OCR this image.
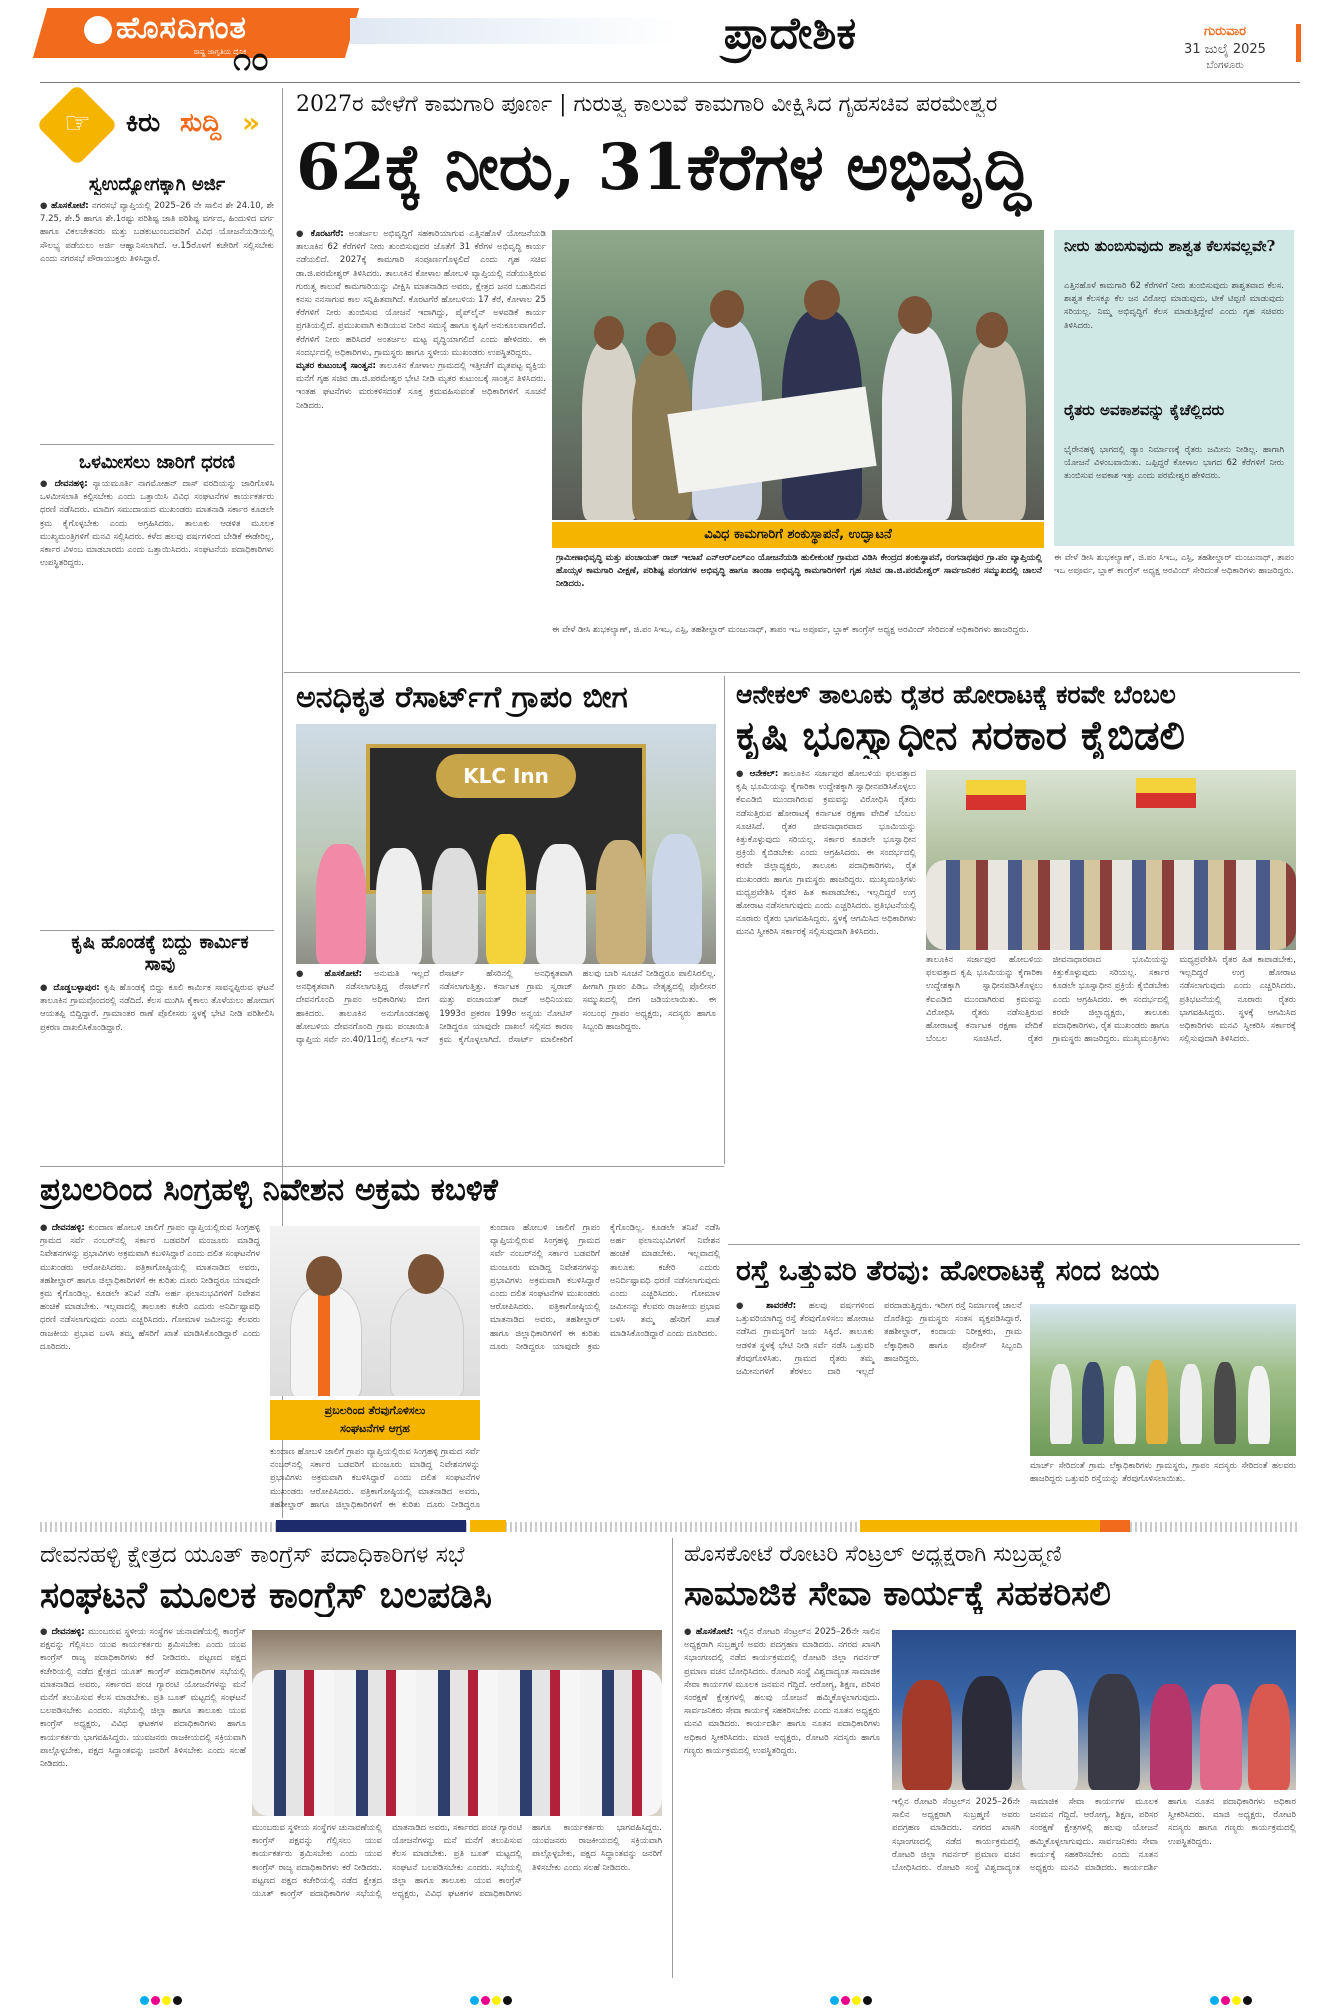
ಹೊಸದಿಗಂತ
ರಾಷ್ಟ್ರ ಜಾಗೃತಿಯ ದೈನಿಕ
೧೦	ಪ್ರಾದೇಶಿಕ	ಗುರುವಾರ
31 ಜುಲೈ 2025
ಬೆಂಗಳೂರು
☞ ಕಿರು ಸುದ್ದಿ »
ಸ್ವಉದ್ಯೋಗಕ್ಕಾಗಿ ಅರ್ಜಿ
● ಹೊಸಕೋಟೆ: ನಗರಸಭೆ ವ್ಯಾಪ್ತಿಯಲ್ಲಿ 2025–26 ನೇ ಸಾಲಿನ ಶೇ 24.10, ಶೇ 7.25, ಶೇ.5 ಹಾಗೂ ಶೇ.1ರಷ್ಟು ಪರಿಶಿಷ್ಟ ಜಾತಿ ಪರಿಶಿಷ್ಟ ವರ್ಗದ, ಹಿಂದುಳಿದ ವರ್ಗ ಹಾಗೂ ವಿಕಲಚೇತನರು ಮತ್ತು ಬಡಕುಟುಂಬದವರಿಗೆ ವಿವಿಧ ಯೋಜನೆಯಡಿಯಲ್ಲಿ ಸೌಲಭ್ಯ ಪಡೆಯಲು ಅರ್ಜಿ ಆಹ್ವಾನಿಸಲಾಗಿದೆ. ಆ.15ರೊಳಗೆ ಕಚೇರಿಗೆ ಸಲ್ಲಿಸಬೇಕು ಎಂದು ನಗರಸಭೆ ಪೌರಾಯುಕ್ತರು ತಿಳಿಸಿದ್ದಾರೆ.
ಒಳಮೀಸಲು ಜಾರಿಗೆ ಧರಣಿ
● ದೇವನಹಳ್ಳಿ: ನ್ಯಾಯಮೂರ್ತಿ ನಾಗಮೋಹನ್ ದಾಸ್ ವರದಿಯನ್ನು ಜಾರಿಗೊಳಿಸಿ ಒಳಮೀಸಲಾತಿ ಕಲ್ಪಿಸಬೇಕು ಎಂದು ಒತ್ತಾಯಿಸಿ ವಿವಿಧ ಸಂಘಟನೆಗಳ ಕಾರ್ಯಕರ್ತರು ಧರಣಿ ನಡೆಸಿದರು. ಮಾದಿಗ ಸಮುದಾಯದ ಮುಖಂಡರು ಮಾತನಾಡಿ ಸರ್ಕಾರ ಕೂಡಲೇ ಕ್ರಮ ಕೈಗೊಳ್ಳಬೇಕು ಎಂದು ಆಗ್ರಹಿಸಿದರು. ತಾಲೂಕು ಆಡಳಿತ ಮೂಲಕ ಮುಖ್ಯಮಂತ್ರಿಗಳಿಗೆ ಮನವಿ ಸಲ್ಲಿಸಿದರು. ಕಳೆದ ಹಲವು ವರ್ಷಗಳಿಂದ ಬೇಡಿಕೆ ಈಡೇರಿಲ್ಲ, ಸರ್ಕಾರ ವಿಳಂಬ ಮಾಡಬಾರದು ಎಂದು ಒತ್ತಾಯಿಸಿದರು. ಸಂಘಟನೆಯ ಪದಾಧಿಕಾರಿಗಳು ಉಪಸ್ಥಿತರಿದ್ದರು.
ಕೃಷಿ ಹೊಂಡಕ್ಕೆ ಬಿದ್ದು ಕಾರ್ಮಿಕ ಸಾವು
● ದೊಡ್ಡಬಳ್ಳಾಪುರ: ಕೃಷಿ ಹೊಂಡಕ್ಕೆ ಬಿದ್ದು ಕೂಲಿ ಕಾರ್ಮಿಕ ಸಾವನ್ನಪ್ಪಿರುವ ಘಟನೆ ತಾಲೂಕಿನ ಗ್ರಾಮವೊಂದರಲ್ಲಿ ನಡೆದಿದೆ. ಕೆಲಸ ಮುಗಿಸಿ ಕೈಕಾಲು ತೊಳೆಯಲು ಹೋದಾಗ ಆಯತಪ್ಪಿ ಬಿದ್ದಿದ್ದಾರೆ. ಗ್ರಾಮಾಂತರ ಠಾಣೆ ಪೊಲೀಸರು ಸ್ಥಳಕ್ಕೆ ಭೇಟಿ ನೀಡಿ ಪರಿಶೀಲಿಸಿ ಪ್ರಕರಣ ದಾಖಲಿಸಿಕೊಂಡಿದ್ದಾರೆ.
2027ರ ವೇಳೆಗೆ ಕಾಮಗಾರಿ ಪೂರ್ಣ | ಗುರುತ್ವ ಕಾಲುವೆ ಕಾಮಗಾರಿ ವೀಕ್ಷಿಸಿದ ಗೃಹಸಚಿವ ಪರಮೇಶ್ವರ
62ಕ್ಕೆ ನೀರು, 31ಕೆರೆಗಳ ಅಭಿವೃದ್ಧಿ
● ಕೊರಟಗೆರೆ: ಅಂತರ್ಜಲ ಅಭಿವೃದ್ಧಿಗೆ ಸಹಕಾರಿಯಾಗುವ ಎತ್ತಿನಹೊಳೆ ಯೋಜನೆಯಡಿ ತಾಲೂಕಿನ 62 ಕೆರೆಗಳಿಗೆ ನೀರು ತುಂಬಿಸುವುದರ ಜೊತೆಗೆ 31 ಕೆರೆಗಳ ಅಭಿವೃದ್ಧಿ ಕಾರ್ಯ ನಡೆಯಲಿದೆ. 2027ಕ್ಕೆ ಕಾಮಗಾರಿ ಸಂಪೂರ್ಣಗೊಳ್ಳಲಿದೆ ಎಂದು ಗೃಹ ಸಚಿವ ಡಾ.ಜಿ.ಪರಮೇಶ್ವರ್ ತಿಳಿಸಿದರು. ತಾಲೂಕಿನ ಕೋಳಾಲ ಹೋಬಳಿ ವ್ಯಾಪ್ತಿಯಲ್ಲಿ ನಡೆಯುತ್ತಿರುವ ಗುರುತ್ವ ಕಾಲುವೆ ಕಾಮಗಾರಿಯನ್ನು ವೀಕ್ಷಿಸಿ ಮಾತನಾಡಿದ ಅವರು, ಕ್ಷೇತ್ರದ ಜನರ ಬಹುದಿನದ ಕನಸು ನನಸಾಗುವ ಕಾಲ ಸನ್ನಿಹಿತವಾಗಿದೆ. ಕೊರಟಗೆರೆ ಹೋಬಳಿಯ 17 ಕೆರೆ, ಕೋಳಾಲ 25 ಕೆರೆಗಳಿಗೆ ನೀರು ತುಂಬಿಸುವ ಯೋಜನೆ ಇದಾಗಿದ್ದು, ಪೈಪ್‌ಲೈನ್ ಅಳವಡಿಕೆ ಕಾರ್ಯ ಪ್ರಗತಿಯಲ್ಲಿದೆ. ಪ್ರಮುಖವಾಗಿ ಕುಡಿಯುವ ನೀರಿನ ಸಮಸ್ಯೆ ಹಾಗೂ ಕೃಷಿಗೆ ಅನುಕೂಲವಾಗಲಿದೆ. ಕೆರೆಗಳಿಗೆ ನೀರು ಹರಿಸಿದರೆ ಅಂತರ್ಜಲ ಮಟ್ಟ ವೃದ್ಧಿಯಾಗಲಿದೆ ಎಂದು ಹೇಳಿದರು. ಈ ಸಂದರ್ಭದಲ್ಲಿ ಅಧಿಕಾರಿಗಳು, ಗ್ರಾಮಸ್ಥರು ಹಾಗೂ ಸ್ಥಳೀಯ ಮುಖಂಡರು ಉಪಸ್ಥಿತರಿದ್ದರು.
ಮೃತರ ಕುಟುಂಬಕ್ಕೆ ಸಾಂತ್ವನ: ತಾಲೂಕಿನ ಕೋಳಾಲ ಗ್ರಾಮದಲ್ಲಿ ಇತ್ತೀಚೆಗೆ ಮೃತಪಟ್ಟ ವ್ಯಕ್ತಿಯ ಮನೆಗೆ ಗೃಹ ಸಚಿವ ಡಾ.ಜಿ.ಪರಮೇಶ್ವರ ಭೇಟಿ ನೀಡಿ ಮೃತರ ಕುಟುಂಬಕ್ಕೆ ಸಾಂತ್ವನ ತಿಳಿಸಿದರು. ಇಂತಹ ಘಟನೆಗಳು ಮರುಕಳಿಸದಂತೆ ಸೂಕ್ತ ಕ್ರಮವಹಿಸುವಂತೆ ಅಧಿಕಾರಿಗಳಿಗೆ ಸೂಚನೆ ನೀಡಿದರು.
ವಿವಿಧ ಕಾಮಗಾರಿಗೆ ಶಂಕುಸ್ಥಾಪನೆ, ಉದ್ಘಾಟನೆ
ಗ್ರಾಮೀಣಾಭಿವೃದ್ಧಿ ಮತ್ತು ಪಂಚಾಯತ್ ರಾಜ್ ಇಲಾಖೆ ಎನ್‌ಆರ್‌ಎಲ್‌ಎಂ ಯೋಜನೆಯಡಿ ಹುಲೀಕುಂಟೆ ಗ್ರಾಮದ ವಿಡಿಸಿ ಕೇಂದ್ರದ ಶಂಕುಸ್ಥಾಪನೆ, ರಂಗನಾಥಪುರ ಗ್ರಾ.ಪಂ ವ್ಯಾಪ್ತಿಯಲ್ಲಿ ಹೊಯ್ಸಳ ಕಾಮಗಾರಿ ವೀಕ್ಷಣೆ, ಪರಿಶಿಷ್ಟ ಪಂಗಡಗಳ ಅಭಿವೃದ್ಧಿ ಹಾಗೂ ತಾಂಡಾ ಅಭಿವೃದ್ಧಿ ಕಾಮಗಾರಿಗಳಿಗೆ ಗೃಹ ಸಚಿವ ಡಾ.ಜಿ.ಪರಮೇಶ್ವರ್ ಸಾರ್ವಜನಿಕರ ಸಮ್ಮುಖದಲ್ಲಿ ಚಾಲನೆ ನೀಡಿದರು.
ಈ ವೇಳೆ ಡೀಸಿ ಶುಭಕಲ್ಯಾಣ್, ಜಿ.ಪಂ ಸಿಇಒ, ಎಸ್ಪಿ, ತಹಶೀಲ್ದಾರ್ ಮಂಜುನಾಥ್, ತಾಪಂ ಇಒ ಅಪೂರ್ವ, ಬ್ಲಾಕ್ ಕಾಂಗ್ರೆಸ್ ಅಧ್ಯಕ್ಷ ಅರವಿಂದ್ ಸೇರಿದಂತೆ ಅಧಿಕಾರಿಗಳು ಹಾಜರಿದ್ದರು.
ನೀರು ತುಂಬಿಸುವುದು ಶಾಶ್ವತ ಕೆಲಸವಲ್ಲವೇ?
ಎತ್ತಿನಹೊಳೆ ಕಾಮಗಾರಿ 62 ಕೆರೆಗಳಿಗೆ ನೀರು ತುಂಬಿಸುವುದು ಶಾಶ್ವತವಾದ ಕೆಲಸ. ಶಾಶ್ವತ ಕೆಲಸಕ್ಕೂ ಕೆಲ ಜನ ವಿರೋಧ ಮಾಡುವುದು, ಟೀಕೆ ಟಿಪ್ಪಣಿ ಮಾಡುವುದು ಸರಿಯಲ್ಲ. ನಿಮ್ಮ ಅಭಿವೃದ್ಧಿಗೆ ಕೆಲಸ ಮಾಡುತ್ತಿದ್ದೇವೆ ಎಂದು ಗೃಹ ಸಚಿವರು ತಿಳಿಸಿದರು.
ರೈತರು ಅವಕಾಶವನ್ನು ಕೈಚೆಲ್ಲಿದರು
ಭೈರೇನಹಳ್ಳಿ ಭಾಗದಲ್ಲಿ ಡ್ಯಾಂ ನಿರ್ಮಾಣಕ್ಕೆ ರೈತರು ಜಮೀನು ನೀಡಿಲ್ಲ. ಹಾಗಾಗಿ ಯೋಜನೆ ವಿಳಂಬವಾಯಿತು. ಒಪ್ಪಿದ್ದರೆ ಕೋಳಾಲ ಭಾಗದ 62 ಕೆರೆಗಳಿಗೆ ನೀರು ತುಂಬಿಸುವ ಅವಕಾಶ ಇತ್ತು ಎಂದು ಪರಮೇಶ್ವರ ಹೇಳಿದರು.
ಈ ವೇಳೆ ಡೀಸಿ ಶುಭಕಲ್ಯಾಣ್, ಜಿ.ಪಂ ಸಿಇಒ, ಎಸ್ಪಿ, ತಹಶೀಲ್ದಾರ್ ಮಂಜುನಾಥ್, ತಾಪಂ ಇಒ ಅಪೂರ್ವ, ಬ್ಲಾಕ್ ಕಾಂಗ್ರೆಸ್ ಅಧ್ಯಕ್ಷ ಅರವಿಂದ್ ಸೇರಿದಂತೆ ಅಧಿಕಾರಿಗಳು ಹಾಜರಿದ್ದರು.
ಅನಧಿಕೃತ ರೆಸಾರ್ಟ್‌ಗೆ ಗ್ರಾಪಂ ಬೀಗ
KLC Inn
● ಹೊಸಕೋಟೆ: ಅನುಮತಿ ಇಲ್ಲದೆ ಅನಧಿಕೃತವಾಗಿ ನಡೆಸಲಾಗುತ್ತಿದ್ದ ರೆಸಾರ್ಟ್‌ಗೆ ದೇವನಗೊಂದಿ ಗ್ರಾಪಂ ಅಧಿಕಾರಿಗಳು ಬೀಗ ಹಾಕಿದರು. ತಾಲೂಕಿನ ಅನುಗೊಂಡನಹಳ್ಳಿ ಹೋಬಳಿಯ ದೇವನಗೊಂದಿ ಗ್ರಾಮ ಪಂಚಾಯಿತಿ ವ್ಯಾಪ್ತಿಯ ಸರ್ವೆ ನಂ.40/11ರಲ್ಲಿ ಕೆಎಲ್‌ಸಿ ಇನ್ ರೆಸಾರ್ಟ್ ಹೆಸರಿನಲ್ಲಿ ಅನಧಿಕೃತವಾಗಿ ನಡೆಸಲಾಗುತ್ತಿತ್ತು. ಕರ್ನಾಟಕ ಗ್ರಾಮ ಸ್ವರಾಜ್ ಮತ್ತು ಪಂಚಾಯತ್ ರಾಜ್ ಅಧಿನಿಯಮ 1993ರ ಪ್ರಕರಣ 199ರ ಅನ್ವಯ ನೋಟಿಸ್ ನೀಡಿದ್ದರೂ ಯಾವುದೇ ದಾಖಲೆ ಸಲ್ಲಿಸದ ಕಾರಣ ಕ್ರಮ ಕೈಗೊಳ್ಳಲಾಗಿದೆ. ರೆಸಾರ್ಟ್ ಮಾಲೀಕರಿಗೆ ಹಲವು ಬಾರಿ ಸೂಚನೆ ನೀಡಿದ್ದರೂ ಪಾಲಿಸಿರಲಿಲ್ಲ. ಹೀಗಾಗಿ ಗ್ರಾಪಂ ಪಿಡಿಒ ನೇತೃತ್ವದಲ್ಲಿ ಪೊಲೀಸರ ಸಮ್ಮುಖದಲ್ಲಿ ಬೀಗ ಜಡಿಯಲಾಯಿತು. ಈ ಸಂಬಂಧ ಗ್ರಾಪಂ ಅಧ್ಯಕ್ಷರು, ಸದಸ್ಯರು ಹಾಗೂ ಸಿಬ್ಬಂದಿ ಹಾಜರಿದ್ದರು.
ಆನೇಕಲ್ ತಾಲೂಕು ರೈತರ ಹೋರಾಟಕ್ಕೆ ಕರವೇ ಬೆಂಬಲ
ಕೃಷಿ ಭೂಸ್ವಾಧೀನ ಸರಕಾರ ಕೈಬಿಡಲಿ
● ಆನೇಕಲ್: ತಾಲೂಕಿನ ಸರ್ಜಾಪುರ ಹೋಬಳಿಯ ಫಲವತ್ತಾದ ಕೃಷಿ ಭೂಮಿಯನ್ನು ಕೈಗಾರಿಕಾ ಉದ್ದೇಶಕ್ಕಾಗಿ ಸ್ವಾಧೀನಪಡಿಸಿಕೊಳ್ಳಲು ಕೆಐಎಡಿಬಿ ಮುಂದಾಗಿರುವ ಕ್ರಮವನ್ನು ವಿರೋಧಿಸಿ ರೈತರು ನಡೆಸುತ್ತಿರುವ ಹೋರಾಟಕ್ಕೆ ಕರ್ನಾಟಕ ರಕ್ಷಣಾ ವೇದಿಕೆ ಬೆಂಬಲ ಸೂಚಿಸಿದೆ. ರೈತರ ಜೀವನಾಧಾರವಾದ ಭೂಮಿಯನ್ನು ಕಿತ್ತುಕೊಳ್ಳುವುದು ಸರಿಯಲ್ಲ. ಸರ್ಕಾರ ಕೂಡಲೇ ಭೂಸ್ವಾಧೀನ ಪ್ರಕ್ರಿಯೆ ಕೈಬಿಡಬೇಕು ಎಂದು ಆಗ್ರಹಿಸಿದರು. ಈ ಸಂದರ್ಭದಲ್ಲಿ ಕರವೇ ಜಿಲ್ಲಾಧ್ಯಕ್ಷರು, ತಾಲೂಕು ಪದಾಧಿಕಾರಿಗಳು, ರೈತ ಮುಖಂಡರು ಹಾಗೂ ಗ್ರಾಮಸ್ಥರು ಹಾಜರಿದ್ದರು. ಮುಖ್ಯಮಂತ್ರಿಗಳು ಮಧ್ಯಪ್ರವೇಶಿಸಿ ರೈತರ ಹಿತ ಕಾಪಾಡಬೇಕು, ಇಲ್ಲದಿದ್ದರೆ ಉಗ್ರ ಹೋರಾಟ ನಡೆಸಲಾಗುವುದು ಎಂದು ಎಚ್ಚರಿಸಿದರು. ಪ್ರತಿಭಟನೆಯಲ್ಲಿ ನೂರಾರು ರೈತರು ಭಾಗವಹಿಸಿದ್ದರು. ಸ್ಥಳಕ್ಕೆ ಆಗಮಿಸಿದ ಅಧಿಕಾರಿಗಳು ಮನವಿ ಸ್ವೀಕರಿಸಿ ಸರ್ಕಾರಕ್ಕೆ ಸಲ್ಲಿಸುವುದಾಗಿ ತಿಳಿಸಿದರು.
ತಾಲೂಕಿನ ಸರ್ಜಾಪುರ ಹೋಬಳಿಯ ಫಲವತ್ತಾದ ಕೃಷಿ ಭೂಮಿಯನ್ನು ಕೈಗಾರಿಕಾ ಉದ್ದೇಶಕ್ಕಾಗಿ ಸ್ವಾಧೀನಪಡಿಸಿಕೊಳ್ಳಲು ಕೆಐಎಡಿಬಿ ಮುಂದಾಗಿರುವ ಕ್ರಮವನ್ನು ವಿರೋಧಿಸಿ ರೈತರು ನಡೆಸುತ್ತಿರುವ ಹೋರಾಟಕ್ಕೆ ಕರ್ನಾಟಕ ರಕ್ಷಣಾ ವೇದಿಕೆ ಬೆಂಬಲ ಸೂಚಿಸಿದೆ. ರೈತರ ಜೀವನಾಧಾರವಾದ ಭೂಮಿಯನ್ನು ಕಿತ್ತುಕೊಳ್ಳುವುದು ಸರಿಯಲ್ಲ. ಸರ್ಕಾರ ಕೂಡಲೇ ಭೂಸ್ವಾಧೀನ ಪ್ರಕ್ರಿಯೆ ಕೈಬಿಡಬೇಕು ಎಂದು ಆಗ್ರಹಿಸಿದರು. ಈ ಸಂದರ್ಭದಲ್ಲಿ ಕರವೇ ಜಿಲ್ಲಾಧ್ಯಕ್ಷರು, ತಾಲೂಕು ಪದಾಧಿಕಾರಿಗಳು, ರೈತ ಮುಖಂಡರು ಹಾಗೂ ಗ್ರಾಮಸ್ಥರು ಹಾಜರಿದ್ದರು. ಮುಖ್ಯಮಂತ್ರಿಗಳು ಮಧ್ಯಪ್ರವೇಶಿಸಿ ರೈತರ ಹಿತ ಕಾಪಾಡಬೇಕು, ಇಲ್ಲದಿದ್ದರೆ ಉಗ್ರ ಹೋರಾಟ ನಡೆಸಲಾಗುವುದು ಎಂದು ಎಚ್ಚರಿಸಿದರು. ಪ್ರತಿಭಟನೆಯಲ್ಲಿ ನೂರಾರು ರೈತರು ಭಾಗವಹಿಸಿದ್ದರು. ಸ್ಥಳಕ್ಕೆ ಆಗಮಿಸಿದ ಅಧಿಕಾರಿಗಳು ಮನವಿ ಸ್ವೀಕರಿಸಿ ಸರ್ಕಾರಕ್ಕೆ ಸಲ್ಲಿಸುವುದಾಗಿ ತಿಳಿಸಿದರು.
ಪ್ರಬಲರಿಂದ ಸಿಂಗ್ರಹಳ್ಳಿ ನಿವೇಶನ ಅಕ್ರಮ ಕಬಳಿಕೆ
● ದೇವನಹಳ್ಳಿ: ಕುಂದಾಣ ಹೋಬಳಿ ಜಾಲಿಗೆ ಗ್ರಾಪಂ ವ್ಯಾಪ್ತಿಯಲ್ಲಿರುವ ಸಿಂಗ್ರಹಳ್ಳಿ ಗ್ರಾಮದ ಸರ್ವೆ ನಂಬರ್‌ನಲ್ಲಿ ಸರ್ಕಾರ ಬಡವರಿಗೆ ಮಂಜೂರು ಮಾಡಿದ್ದ ನಿವೇಶನಗಳನ್ನು ಪ್ರಭಾವಿಗಳು ಅಕ್ರಮವಾಗಿ ಕಬಳಿಸಿದ್ದಾರೆ ಎಂದು ದಲಿತ ಸಂಘಟನೆಗಳ ಮುಖಂಡರು ಆರೋಪಿಸಿದರು. ಪತ್ರಿಕಾಗೋಷ್ಠಿಯಲ್ಲಿ ಮಾತನಾಡಿದ ಅವರು, ತಹಶೀಲ್ದಾರ್ ಹಾಗೂ ಜಿಲ್ಲಾಧಿಕಾರಿಗಳಿಗೆ ಈ ಕುರಿತು ದೂರು ನೀಡಿದ್ದರೂ ಯಾವುದೇ ಕ್ರಮ ಕೈಗೊಂಡಿಲ್ಲ. ಕೂಡಲೇ ತನಿಖೆ ನಡೆಸಿ ಅರ್ಹ ಫಲಾನುಭವಿಗಳಿಗೆ ನಿವೇಶನ ಹಂಚಿಕೆ ಮಾಡಬೇಕು. ಇಲ್ಲವಾದಲ್ಲಿ ತಾಲೂಕು ಕಚೇರಿ ಎದುರು ಅನಿರ್ದಿಷ್ಟಾವಧಿ ಧರಣಿ ನಡೆಸಲಾಗುವುದು ಎಂದು ಎಚ್ಚರಿಸಿದರು. ಗೋಮಾಳ ಜಮೀನನ್ನು ಕೆಲವರು ರಾಜಕೀಯ ಪ್ರಭಾವ ಬಳಸಿ ತಮ್ಮ ಹೆಸರಿಗೆ ಖಾತೆ ಮಾಡಿಸಿಕೊಂಡಿದ್ದಾರೆ ಎಂದು ದೂರಿದರು.
ಪ್ರಬಲರಿಂದ ತೆರವುಗೊಳಿಸಲು
ಸಂಘಟನೆಗಳ ಆಗ್ರಹ
ಕುಂದಾಣ ಹೋಬಳಿ ಜಾಲಿಗೆ ಗ್ರಾಪಂ ವ್ಯಾಪ್ತಿಯಲ್ಲಿರುವ ಸಿಂಗ್ರಹಳ್ಳಿ ಗ್ರಾಮದ ಸರ್ವೆ ನಂಬರ್‌ನಲ್ಲಿ ಸರ್ಕಾರ ಬಡವರಿಗೆ ಮಂಜೂರು ಮಾಡಿದ್ದ ನಿವೇಶನಗಳನ್ನು ಪ್ರಭಾವಿಗಳು ಅಕ್ರಮವಾಗಿ ಕಬಳಿಸಿದ್ದಾರೆ ಎಂದು ದಲಿತ ಸಂಘಟನೆಗಳ ಮುಖಂಡರು ಆರೋಪಿಸಿದರು. ಪತ್ರಿಕಾಗೋಷ್ಠಿಯಲ್ಲಿ ಮಾತನಾಡಿದ ಅವರು, ತಹಶೀಲ್ದಾರ್ ಹಾಗೂ ಜಿಲ್ಲಾಧಿಕಾರಿಗಳಿಗೆ ಈ ಕುರಿತು ದೂರು ನೀಡಿದ್ದರೂ ಯಾವುದೇ ಕ್ರಮ ಕೈಗೊಂಡಿಲ್ಲ. ಕೂಡಲೇ ತನಿಖೆ ನಡೆಸಿ ಅರ್ಹ ಫಲಾನುಭವಿಗಳಿಗೆ ನಿವೇಶನ ಹಂಚಿಕೆ ಮಾಡಬೇಕು. ಇಲ್ಲವಾದಲ್ಲಿ ತಾಲೂಕು ಕಚೇರಿ ಎದುರು ಅನಿರ್ದಿಷ್ಟಾವಧಿ ಧರಣಿ ನಡೆಸಲಾಗುವುದು ಎಂದು ಎಚ್ಚರಿಸಿದರು. ಗೋಮಾಳ ಜಮೀನನ್ನು ಕೆಲವರು ರಾಜಕೀಯ ಪ್ರಭಾವ ಬಳಸಿ ತಮ್ಮ ಹೆಸರಿಗೆ ಖಾತೆ ಮಾಡಿಸಿಕೊಂಡಿದ್ದಾರೆ ಎಂದು ದೂರಿದರು.
ಕುಂದಾಣ ಹೋಬಳಿ ಜಾಲಿಗೆ ಗ್ರಾಪಂ ವ್ಯಾಪ್ತಿಯಲ್ಲಿರುವ ಸಿಂಗ್ರಹಳ್ಳಿ ಗ್ರಾಮದ ಸರ್ವೆ ನಂಬರ್‌ನಲ್ಲಿ ಸರ್ಕಾರ ಬಡವರಿಗೆ ಮಂಜೂರು ಮಾಡಿದ್ದ ನಿವೇಶನಗಳನ್ನು ಪ್ರಭಾವಿಗಳು ಅಕ್ರಮವಾಗಿ ಕಬಳಿಸಿದ್ದಾರೆ ಎಂದು ದಲಿತ ಸಂಘಟನೆಗಳ ಮುಖಂಡರು ಆರೋಪಿಸಿದರು. ಪತ್ರಿಕಾಗೋಷ್ಠಿಯಲ್ಲಿ ಮಾತನಾಡಿದ ಅವರು, ತಹಶೀಲ್ದಾರ್ ಹಾಗೂ ಜಿಲ್ಲಾಧಿಕಾರಿಗಳಿಗೆ ಈ ಕುರಿತು ದೂರು ನೀಡಿದ್ದರೂ
ರಸ್ತೆ ಒತ್ತುವರಿ ತೆರವು: ಹೋರಾಟಕ್ಕೆ ಸಂದ ಜಯ
● ಶಾವರಕೆರೆ: ಹಲವು ವರ್ಷಗಳಿಂದ ಒತ್ತುವರಿಯಾಗಿದ್ದ ರಸ್ತೆ ತೆರವುಗೊಳಿಸಲು ಹೋರಾಟ ನಡೆಸಿದ ಗ್ರಾಮಸ್ಥರಿಗೆ ಜಯ ಸಿಕ್ಕಿದೆ. ತಾಲೂಕು ಆಡಳಿತ ಸ್ಥಳಕ್ಕೆ ಭೇಟಿ ನೀಡಿ ಸರ್ವೆ ನಡೆಸಿ ಒತ್ತುವರಿ ತೆರವುಗೊಳಿಸಿತು. ಗ್ರಾಮದ ರೈತರು ತಮ್ಮ ಜಮೀನುಗಳಿಗೆ ತೆರಳಲು ದಾರಿ ಇಲ್ಲದೆ ಪರದಾಡುತ್ತಿದ್ದರು. ಇದೀಗ ರಸ್ತೆ ನಿರ್ಮಾಣಕ್ಕೆ ಚಾಲನೆ ದೊರೆತಿದ್ದು ಗ್ರಾಮಸ್ಥರು ಸಂತಸ ವ್ಯಕ್ತಪಡಿಸಿದ್ದಾರೆ. ತಹಶೀಲ್ದಾರ್, ಕಂದಾಯ ನಿರೀಕ್ಷಕರು, ಗ್ರಾಮ ಲೆಕ್ಕಾಧಿಕಾರಿ ಹಾಗೂ ಪೊಲೀಸ್ ಸಿಬ್ಬಂದಿ ಹಾಜರಿದ್ದರು.
ಮಾರ್ಚ್ ಸೇರಿದಂತೆ ಗ್ರಾಮ ಲೆಕ್ಕಾಧಿಕಾರಿಗಳು ಗ್ರಾಮಸ್ಥರು, ಗ್ರಾಪಂ ಸದಸ್ಯರು ಸೇರಿದಂತೆ ಹಲವರು ಹಾಜರಿದ್ದರು ಒತ್ತುವರಿ ರಸ್ತೆಯನ್ನು ತೆರವುಗೊಳಿಸಲಾಯಿತು.
ದೇವನಹಳ್ಳಿ ಕ್ಷೇತ್ರದ ಯೂತ್ ಕಾಂಗ್ರೆಸ್ ಪದಾಧಿಕಾರಿಗಳ ಸಭೆ
ಸಂಘಟನೆ ಮೂಲಕ ಕಾಂಗ್ರೆಸ್ ಬಲಪಡಿಸಿ
● ದೇವನಹಳ್ಳಿ: ಮುಂಬರುವ ಸ್ಥಳೀಯ ಸಂಸ್ಥೆಗಳ ಚುನಾವಣೆಯಲ್ಲಿ ಕಾಂಗ್ರೆಸ್ ಪಕ್ಷವನ್ನು ಗೆಲ್ಲಿಸಲು ಯುವ ಕಾರ್ಯಕರ್ತರು ಶ್ರಮಿಸಬೇಕು ಎಂದು ಯುವ ಕಾಂಗ್ರೆಸ್ ರಾಜ್ಯ ಪದಾಧಿಕಾರಿಗಳು ಕರೆ ನೀಡಿದರು. ಪಟ್ಟಣದ ಪಕ್ಷದ ಕಚೇರಿಯಲ್ಲಿ ನಡೆದ ಕ್ಷೇತ್ರದ ಯೂತ್ ಕಾಂಗ್ರೆಸ್ ಪದಾಧಿಕಾರಿಗಳ ಸಭೆಯಲ್ಲಿ ಮಾತನಾಡಿದ ಅವರು, ಸರ್ಕಾರದ ಪಂಚ ಗ್ಯಾರಂಟಿ ಯೋಜನೆಗಳನ್ನು ಮನೆ ಮನೆಗೆ ತಲುಪಿಸುವ ಕೆಲಸ ಮಾಡಬೇಕು. ಪ್ರತಿ ಬೂತ್ ಮಟ್ಟದಲ್ಲಿ ಸಂಘಟನೆ ಬಲಪಡಿಸಬೇಕು ಎಂದರು. ಸಭೆಯಲ್ಲಿ ಜಿಲ್ಲಾ ಹಾಗೂ ತಾಲೂಕು ಯುವ ಕಾಂಗ್ರೆಸ್ ಅಧ್ಯಕ್ಷರು, ವಿವಿಧ ಘಟಕಗಳ ಪದಾಧಿಕಾರಿಗಳು ಹಾಗೂ ಕಾರ್ಯಕರ್ತರು ಭಾಗವಹಿಸಿದ್ದರು. ಯುವಜನರು ರಾಜಕೀಯದಲ್ಲಿ ಸಕ್ರಿಯವಾಗಿ ಪಾಲ್ಗೊಳ್ಳಬೇಕು, ಪಕ್ಷದ ಸಿದ್ಧಾಂತವನ್ನು ಜನರಿಗೆ ತಿಳಿಸಬೇಕು ಎಂದು ಸಲಹೆ ನೀಡಿದರು.
ಮುಂಬರುವ ಸ್ಥಳೀಯ ಸಂಸ್ಥೆಗಳ ಚುನಾವಣೆಯಲ್ಲಿ ಕಾಂಗ್ರೆಸ್ ಪಕ್ಷವನ್ನು ಗೆಲ್ಲಿಸಲು ಯುವ ಕಾರ್ಯಕರ್ತರು ಶ್ರಮಿಸಬೇಕು ಎಂದು ಯುವ ಕಾಂಗ್ರೆಸ್ ರಾಜ್ಯ ಪದಾಧಿಕಾರಿಗಳು ಕರೆ ನೀಡಿದರು. ಪಟ್ಟಣದ ಪಕ್ಷದ ಕಚೇರಿಯಲ್ಲಿ ನಡೆದ ಕ್ಷೇತ್ರದ ಯೂತ್ ಕಾಂಗ್ರೆಸ್ ಪದಾಧಿಕಾರಿಗಳ ಸಭೆಯಲ್ಲಿ ಮಾತನಾಡಿದ ಅವರು, ಸರ್ಕಾರದ ಪಂಚ ಗ್ಯಾರಂಟಿ ಯೋಜನೆಗಳನ್ನು ಮನೆ ಮನೆಗೆ ತಲುಪಿಸುವ ಕೆಲಸ ಮಾಡಬೇಕು. ಪ್ರತಿ ಬೂತ್ ಮಟ್ಟದಲ್ಲಿ ಸಂಘಟನೆ ಬಲಪಡಿಸಬೇಕು ಎಂದರು. ಸಭೆಯಲ್ಲಿ ಜಿಲ್ಲಾ ಹಾಗೂ ತಾಲೂಕು ಯುವ ಕಾಂಗ್ರೆಸ್ ಅಧ್ಯಕ್ಷರು, ವಿವಿಧ ಘಟಕಗಳ ಪದಾಧಿಕಾರಿಗಳು ಹಾಗೂ ಕಾರ್ಯಕರ್ತರು ಭಾಗವಹಿಸಿದ್ದರು. ಯುವಜನರು ರಾಜಕೀಯದಲ್ಲಿ ಸಕ್ರಿಯವಾಗಿ ಪಾಲ್ಗೊಳ್ಳಬೇಕು, ಪಕ್ಷದ ಸಿದ್ಧಾಂತವನ್ನು ಜನರಿಗೆ ತಿಳಿಸಬೇಕು ಎಂದು ಸಲಹೆ ನೀಡಿದರು.
ಹೊಸಕೋಟೆ ರೋಟರಿ ಸೆಂಟ್ರಲ್ ಅಧ್ಯಕ್ಷರಾಗಿ ಸುಬ್ರಹ್ಮಣಿ
ಸಾಮಾಜಿಕ ಸೇವಾ ಕಾರ್ಯಕ್ಕೆ ಸಹಕರಿಸಲಿ
● ಹೊಸಕೋಟೆ: ಇಲ್ಲಿನ ರೋಟರಿ ಸೆಂಟ್ರಲ್‌ನ 2025–26ನೇ ಸಾಲಿನ ಅಧ್ಯಕ್ಷರಾಗಿ ಸುಬ್ರಹ್ಮಣಿ ಅವರು ಪದಗ್ರಹಣ ಮಾಡಿದರು. ನಗರದ ಖಾಸಗಿ ಸಭಾಂಗಣದಲ್ಲಿ ನಡೆದ ಕಾರ್ಯಕ್ರಮದಲ್ಲಿ ರೋಟರಿ ಜಿಲ್ಲಾ ಗವರ್ನರ್ ಪ್ರಮಾಣ ವಚನ ಬೋಧಿಸಿದರು. ರೋಟರಿ ಸಂಸ್ಥೆ ವಿಶ್ವದಾದ್ಯಂತ ಸಾಮಾಜಿಕ ಸೇವಾ ಕಾರ್ಯಗಳ ಮೂಲಕ ಜನಮನ ಗೆದ್ದಿದೆ. ಆರೋಗ್ಯ, ಶಿಕ್ಷಣ, ಪರಿಸರ ಸಂರಕ್ಷಣೆ ಕ್ಷೇತ್ರಗಳಲ್ಲಿ ಹಲವು ಯೋಜನೆ ಹಮ್ಮಿಕೊಳ್ಳಲಾಗುವುದು. ಸಾರ್ವಜನಿಕರು ಸೇವಾ ಕಾರ್ಯಕ್ಕೆ ಸಹಕರಿಸಬೇಕು ಎಂದು ನೂತನ ಅಧ್ಯಕ್ಷರು ಮನವಿ ಮಾಡಿದರು. ಕಾರ್ಯದರ್ಶಿ ಹಾಗೂ ನೂತನ ಪದಾಧಿಕಾರಿಗಳು ಅಧಿಕಾರ ಸ್ವೀಕರಿಸಿದರು. ಮಾಜಿ ಅಧ್ಯಕ್ಷರು, ರೋಟರಿ ಸದಸ್ಯರು ಹಾಗೂ ಗಣ್ಯರು ಕಾರ್ಯಕ್ರಮದಲ್ಲಿ ಉಪಸ್ಥಿತರಿದ್ದರು.
ಇಲ್ಲಿನ ರೋಟರಿ ಸೆಂಟ್ರಲ್‌ನ 2025–26ನೇ ಸಾಲಿನ ಅಧ್ಯಕ್ಷರಾಗಿ ಸುಬ್ರಹ್ಮಣಿ ಅವರು ಪದಗ್ರಹಣ ಮಾಡಿದರು. ನಗರದ ಖಾಸಗಿ ಸಭಾಂಗಣದಲ್ಲಿ ನಡೆದ ಕಾರ್ಯಕ್ರಮದಲ್ಲಿ ರೋಟರಿ ಜಿಲ್ಲಾ ಗವರ್ನರ್ ಪ್ರಮಾಣ ವಚನ ಬೋಧಿಸಿದರು. ರೋಟರಿ ಸಂಸ್ಥೆ ವಿಶ್ವದಾದ್ಯಂತ ಸಾಮಾಜಿಕ ಸೇವಾ ಕಾರ್ಯಗಳ ಮೂಲಕ ಜನಮನ ಗೆದ್ದಿದೆ. ಆರೋಗ್ಯ, ಶಿಕ್ಷಣ, ಪರಿಸರ ಸಂರಕ್ಷಣೆ ಕ್ಷೇತ್ರಗಳಲ್ಲಿ ಹಲವು ಯೋಜನೆ ಹಮ್ಮಿಕೊಳ್ಳಲಾಗುವುದು. ಸಾರ್ವಜನಿಕರು ಸೇವಾ ಕಾರ್ಯಕ್ಕೆ ಸಹಕರಿಸಬೇಕು ಎಂದು ನೂತನ ಅಧ್ಯಕ್ಷರು ಮನವಿ ಮಾಡಿದರು. ಕಾರ್ಯದರ್ಶಿ ಹಾಗೂ ನೂತನ ಪದಾಧಿಕಾರಿಗಳು ಅಧಿಕಾರ ಸ್ವೀಕರಿಸಿದರು. ಮಾಜಿ ಅಧ್ಯಕ್ಷರು, ರೋಟರಿ ಸದಸ್ಯರು ಹಾಗೂ ಗಣ್ಯರು ಕಾರ್ಯಕ್ರಮದಲ್ಲಿ ಉಪಸ್ಥಿತರಿದ್ದರು.
